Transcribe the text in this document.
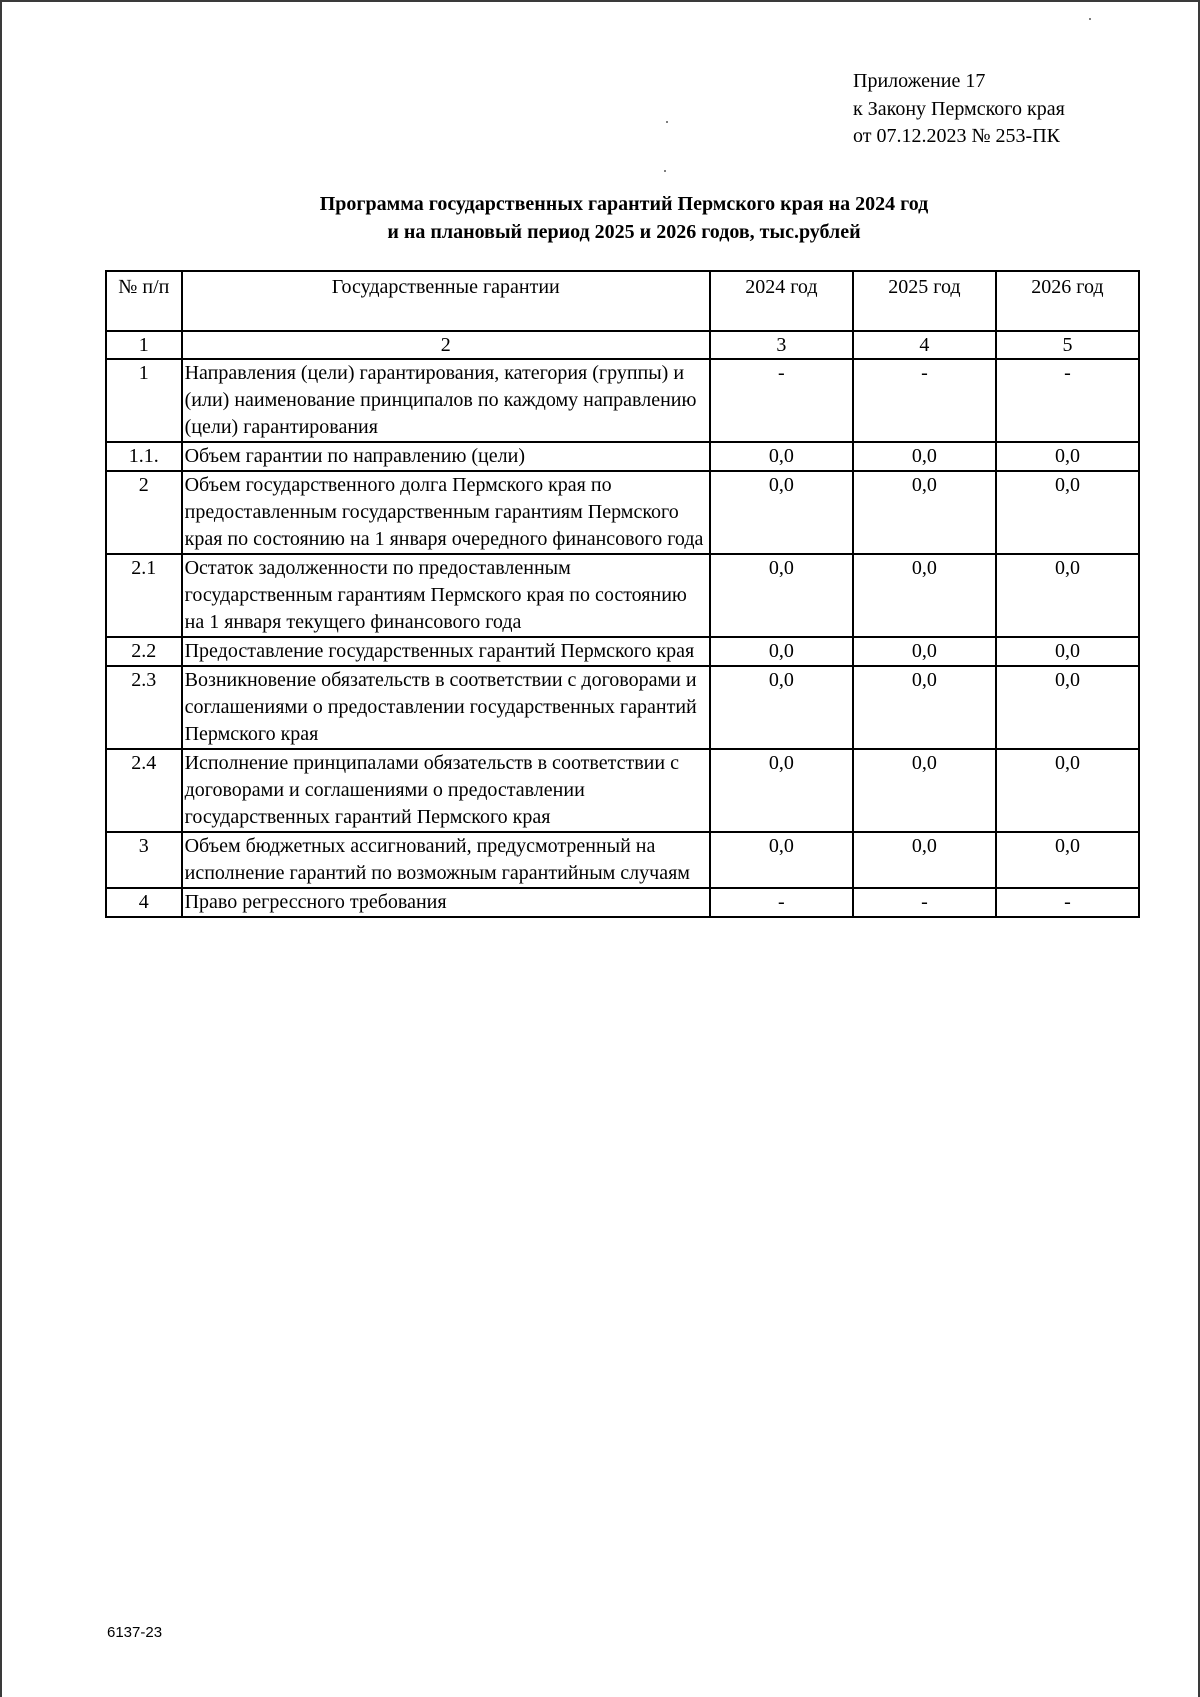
Приложение 17
к Закону Пермского края
от 07.12.2023 № 253-ПК
Программа государственных гарантий Пермского края на 2024 год
и на плановый период 2025 и 2026 годов, тыс.рублей
№ п/п	Государственные гарантии	2024 год	2025 год	2026 год
1	2	3	4	5
1	Направления (цели) гарантирования, категория (группы) и (или) наименование принципалов по каждому направлению (цели) гарантирования	-	-	-
1.1.	Объем гарантии по направлению (цели)	0,0	0,0	0,0
2	Объем государственного долга Пермского края по предоставленным государственным гарантиям Пермского края по состоянию на 1 января очередного финансового года	0,0	0,0	0,0
2.1	Остаток задолженности по предоставленным государственным гарантиям Пермского края по состоянию на 1 января текущего финансового года	0,0	0,0	0,0
2.2	Предоставление государственных гарантий Пермского края	0,0	0,0	0,0
2.3	Возникновение обязательств в соответствии с договорами и соглашениями о предоставлении государственных гарантий Пермского края	0,0	0,0	0,0
2.4	Исполнение принципалами обязательств в соответствии с договорами и соглашениями о предоставлении государственных гарантий Пермского края	0,0	0,0	0,0
3	Объем бюджетных ассигнований, предусмотренный на исполнение гарантий по возможным гарантийным случаям	0,0	0,0	0,0
4	Право регрессного требования	-	-	-
6137-23
